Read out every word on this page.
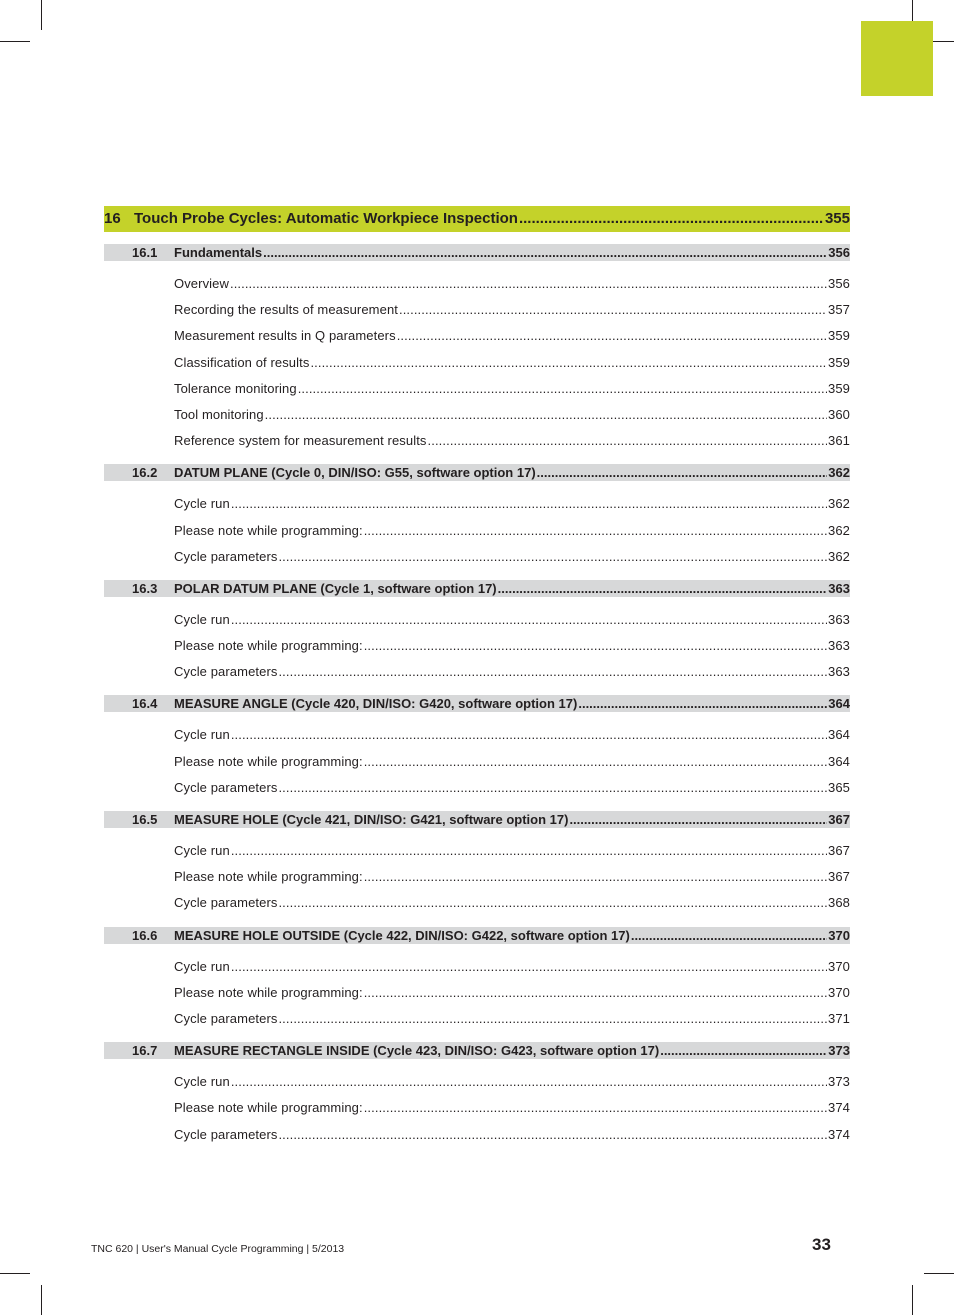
16 Touch Probe Cycles: Automatic Workpiece Inspection .....	355
16.1	Fundamentals .....	356
Overview .....	356
Recording the results of measurement .....	357
Measurement results in Q parameters .....	359
Classification of results .....	359
Tolerance monitoring .....	359
Tool monitoring .....	360
Reference system for measurement results .....	361
16.2	DATUM PLANE (Cycle 0, DIN/ISO: G55, software option 17) .....	362
Cycle run .....	362
Please note while programming: .....	362
Cycle parameters .....	362
16.3	POLAR DATUM PLANE (Cycle 1, software option 17) .....	363
Cycle run .....	363
Please note while programming: .....	363
Cycle parameters .....	363
16.4	MEASURE ANGLE (Cycle 420, DIN/ISO: G420, software option 17) .....	364
Cycle run .....	364
Please note while programming: .....	364
Cycle parameters .....	365
16.5	MEASURE HOLE (Cycle 421, DIN/ISO: G421, software option 17) .....	367
Cycle run .....	367
Please note while programming: .....	367
Cycle parameters .....	368
16.6	MEASURE HOLE OUTSIDE (Cycle 422, DIN/ISO: G422, software option 17) .....	370
Cycle run .....	370
Please note while programming: .....	370
Cycle parameters .....	371
16.7	MEASURE RECTANGLE INSIDE (Cycle 423, DIN/ISO: G423, software option 17) .....	373
Cycle run .....	373
Please note while programming: .....	374
Cycle parameters .....	374
TNC 620 | User's Manual Cycle Programming | 5/2013	33
